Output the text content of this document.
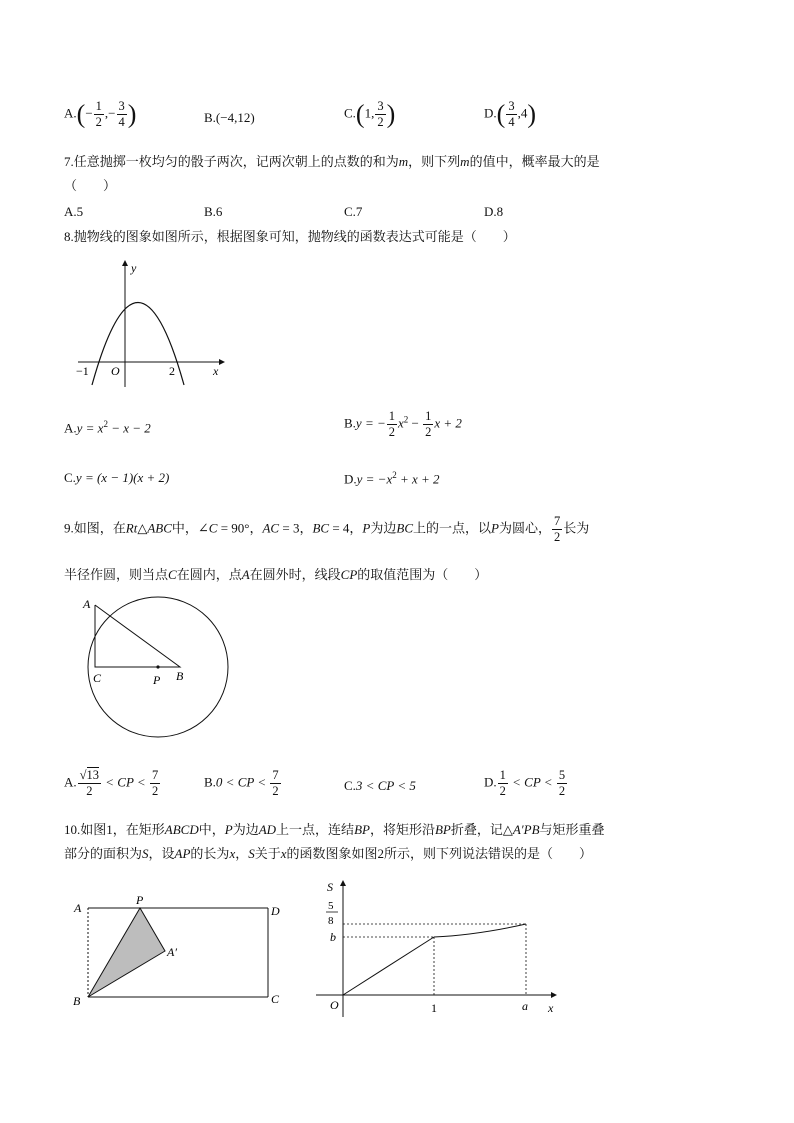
$A.(- \frac{1}{2}$ ,− $\frac{3}{4}$ )	B.(−4,12)	C.(1, $\frac{3}{2}$ )	$D.( \frac{3}{4} ,4)$
7.任意抛掷一枚均匀的骰子两次，记两次朝上的点数的和为m，则下列m的值中，概率最大的是
（　　）
A.5	B.6	C.7	D.8
8.抛物线的图象如图所示，根据图象可知，抛物线的函数表达式可能是（　　）
y
x
O
−1	2
$A.y = x^2 - x - 2$	B.y = − $\frac{1}{2} x^2 - \frac{1}{2}$ x + 2
C.y = (x − 1)(x + 2)	$D.y = -x^2 + x + 2$
9.如图，在Rt△ABC中，∠C = 90°，AC = 3，BC = 4，P为边BC上的一点，以P为圆心， $\frac{7}{2}$ 长为
半径作圆，则当点C在圆内，点A在圆外时，线段CP的取值范围为（　　）
A
C	P B
A. $\frac{√13}{2}$ < CP < $\frac{7}{2}$	B.0 < CP < $\frac{7}{2}$	C.3 < CP < 5	D. $\frac{1}{2}$ < CP < $\frac{5}{2}$
10.如图1，在矩形ABCD中，P为边AD上一点，连结BP，将矩形沿BP折叠，记△A′PB与矩形重叠
部分的面积为S，设AP的长为x，S关于x的函数图象如图2所示，则下列说法错误的是（　　）
A
P
D
A′
B	C
S
5
8
b
O	1	a x
